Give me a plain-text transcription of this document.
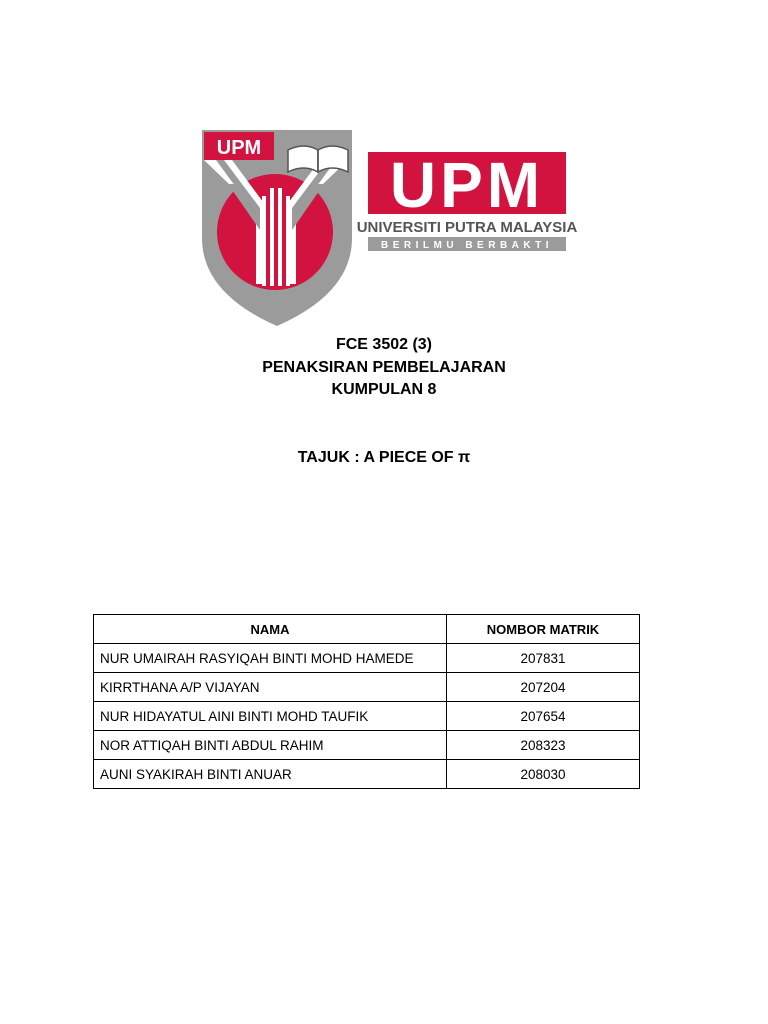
UPM
UPM
UNIVERSITI PUTRA MALAYSIA
BERILMU BERBAKTI
FCE 3502 (3)
PENAKSIRAN PEMBELAJARAN
KUMPULAN 8
TAJUK : A PIECE OF π
NAMA	NOMBOR MATRIK
NUR UMAIRAH RASYIQAH BINTI MOHD HAMEDE	207831
KIRRTHANA A/P VIJAYAN	207204
NUR HIDAYATUL AINI BINTI MOHD TAUFIK	207654
NOR ATTIQAH BINTI ABDUL RAHIM	208323
AUNI SYAKIRAH BINTI ANUAR	208030
